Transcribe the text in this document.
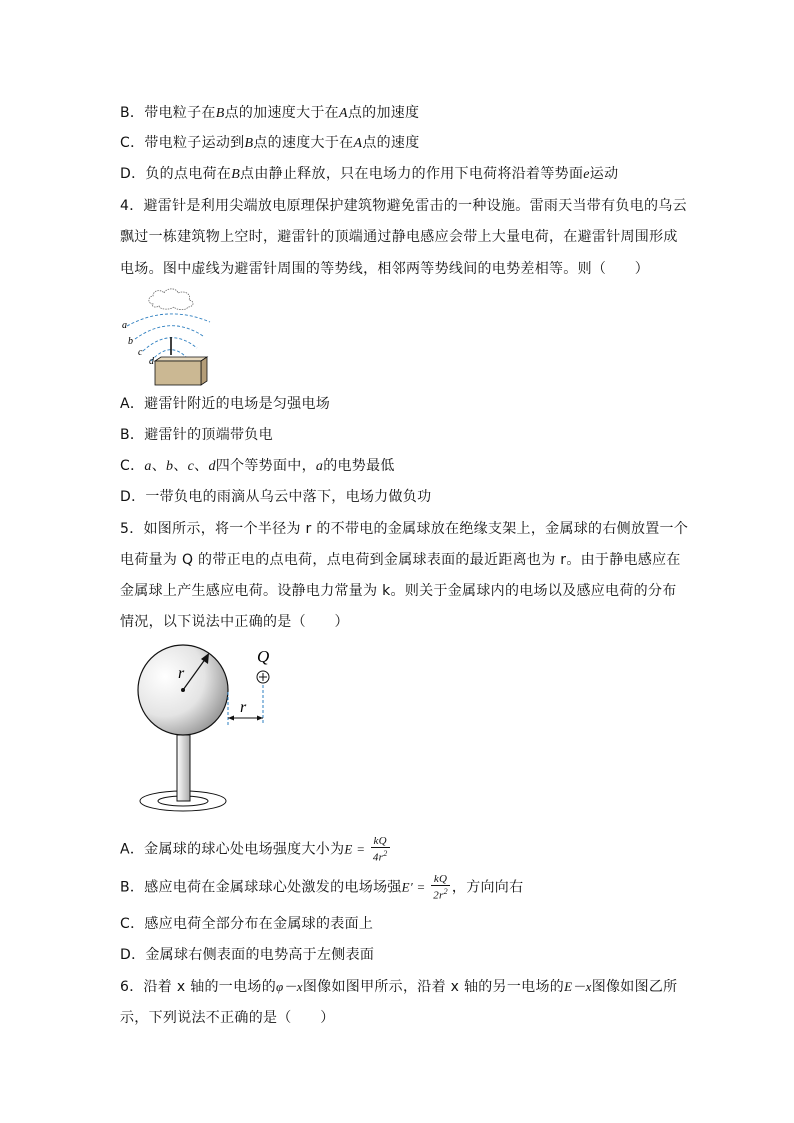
B．带电粒子在B点的加速度大于在A点的加速度
C．带电粒子运动到B点的速度大于在A点的速度
D．负的点电荷在B点由静止释放，只在电场力的作用下电荷将沿着等势面e运动
4．避雷针是利用尖端放电原理保护建筑物避免雷击的一种设施。雷雨天当带有负电的乌云
飘过一栋建筑物上空时，避雷针的顶端通过静电感应会带上大量电荷，在避雷针周围形成
电场。图中虚线为避雷针周围的等势线，相邻两等势线间的电势差相等。则（　　）
a
b
c
d
A．避雷针附近的电场是匀强电场
B．避雷针的顶端带负电
C．a、b、c、d四个等势面中，a的电势最低
D．一带负电的雨滴从乌云中落下，电场力做负功
5．如图所示，将一个半径为 r 的不带电的金属球放在绝缘支架上，金属球的右侧放置一个
电荷量为 Q 的带正电的点电荷，点电荷到金属球表面的最近距离也为 r。由于静电感应在
金属球上产生感应电荷。设静电力常量为 k。则关于金属球内的电场以及感应电荷的分布
情况，以下说法中正确的是（　　）
r
Q
r
A．金属球的球心处电场强度大小为$E = \frac{kQ}{4r^2}$
B．感应电荷在金属球球心处激发的电场场强$E' = \frac{kQ}{2r^2}$ ，方向向右
C．感应电荷全部分布在金属球的表面上
D．金属球右侧表面的电势高于左侧表面
6．沿着 x 轴的一电场的φ－x图像如图甲所示，沿着 x 轴的另一电场的E－x图像如图乙所
示，下列说法不正确的是（　　）
